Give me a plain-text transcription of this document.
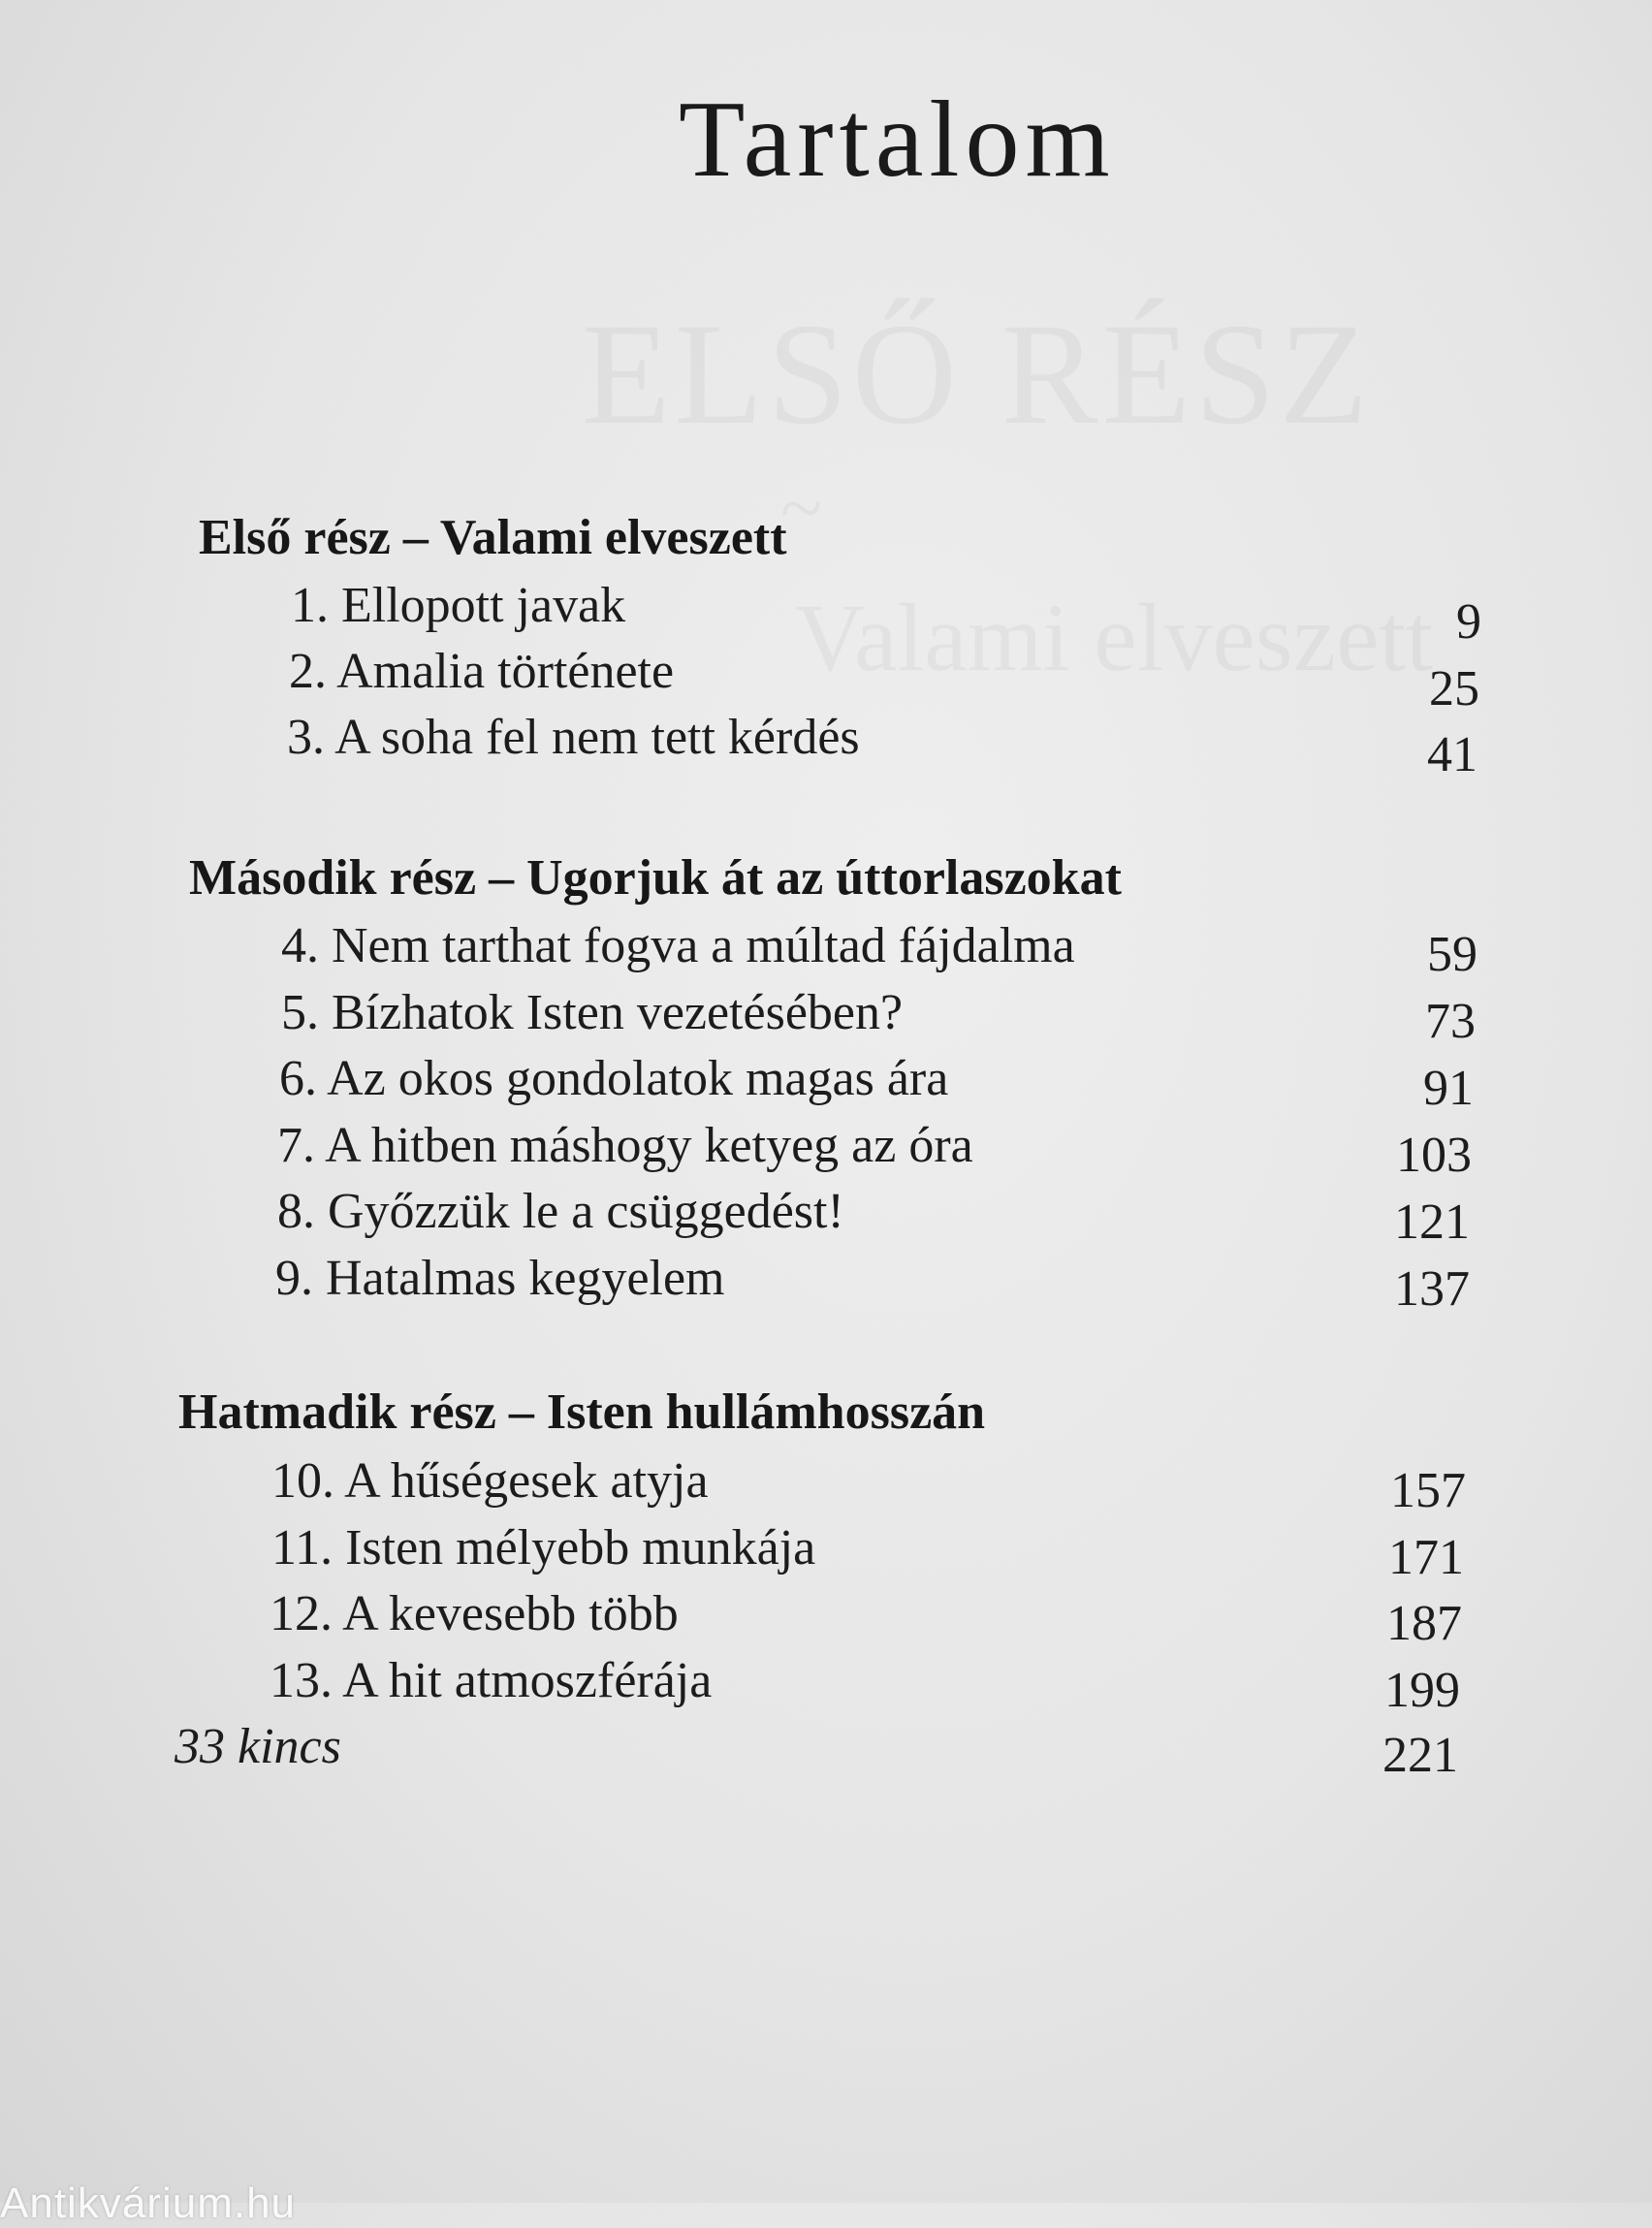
Tartalom
Első rész – Valami elveszett
1. Ellopott javak	9
2. Amalia története	25
3. A soha fel nem tett kérdés	41
Második rész – Ugorjuk át az úttorlaszokat
4. Nem tarthat fogva a múltad fájdalma	59
5. Bízhatok Isten vezetésében?	73
6. Az okos gondolatok magas ára	91
7. A hitben máshogy ketyeg az óra	103
8. Győzzük le a csüggedést!	121
9. Hatalmas kegyelem	137
Hatmadik rész – Isten hullámhosszán
10. A hűségesek atyja	157
11. Isten mélyebb munkája	171
12. A kevesebb több	187
13. A hit atmoszférája	199
33 kincs	221
Antikvárium.hu
